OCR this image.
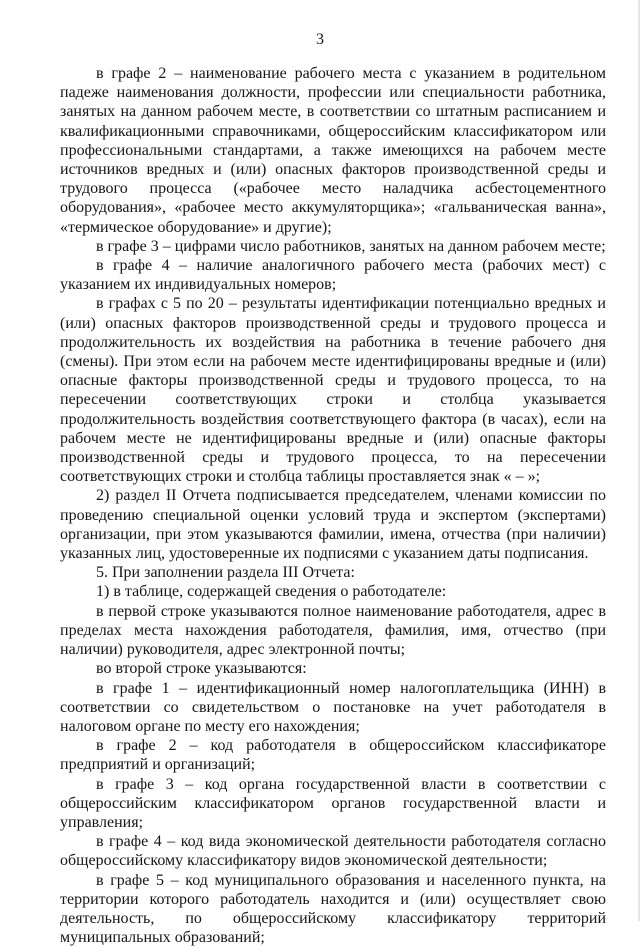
3

в графе 2 – наименование рабочего места с указанием в родительном падеже наименования должности, профессии или специальности работника, занятых на данном рабочем месте, в соответствии со штатным расписанием и квалификационными справочниками, общероссийским классификатором или профессиональными стандартами, а также имеющихся на рабочем месте источников вредных и (или) опасных факторов производственной среды и трудового процесса («рабочее место наладчика асбестоцементного оборудования», «рабочее место аккумуляторщика»; «гальваническая ванна», «термическое оборудование» и другие);

в графе 3 – цифрами число работников, занятых на данном рабочем месте;

в графе 4 – наличие аналогичного рабочего места (рабочих мест) с указанием их индивидуальных номеров;

в графах с 5 по 20 – результаты идентификации потенциально вредных и (или) опасных факторов производственной среды и трудового процесса и продолжительность их воздействия на работника в течение рабочего дня (смены). При этом если на рабочем месте идентифицированы вредные и (или) опасные факторы производственной среды и трудового процесса, то на пересечении соответствующих строки и столбца указывается продолжительность воздействия соответствующего фактора (в часах), если на рабочем месте не идентифицированы вредные и (или) опасные факторы производственной среды и трудового процесса, то на пересечении соответствующих строки и столбца таблицы проставляется знак « – »;

2) раздел II Отчета подписывается председателем, членами комиссии по проведению специальной оценки условий труда и экспертом (экспертами) организации, при этом указываются фамилии, имена, отчества (при наличии) указанных лиц, удостоверенные их подписями с указанием даты подписания.

5. При заполнении раздела III Отчета:

1) в таблице, содержащей сведения о работодателе:

в первой строке указываются полное наименование работодателя, адрес в пределах места нахождения работодателя, фамилия, имя, отчество (при наличии) руководителя, адрес электронной почты;

во второй строке указываются:

в графе 1 – идентификационный номер налогоплательщика (ИНН) в соответствии со свидетельством о постановке на учет работодателя в налоговом органе по месту его нахождения;

в графе 2 – код работодателя в общероссийском классификаторе предприятий и организаций;

в графе 3 – код органа государственной власти в соответствии с общероссийским классификатором органов государственной власти и управления;

в графе 4 – код вида экономической деятельности работодателя согласно общероссийскому классификатору видов экономической деятельности;

в графе 5 – код муниципального образования и населенного пункта, на территории которого работодатель находится и (или) осуществляет свою деятельность, по общероссийскому классификатору территорий муниципальных образований;
